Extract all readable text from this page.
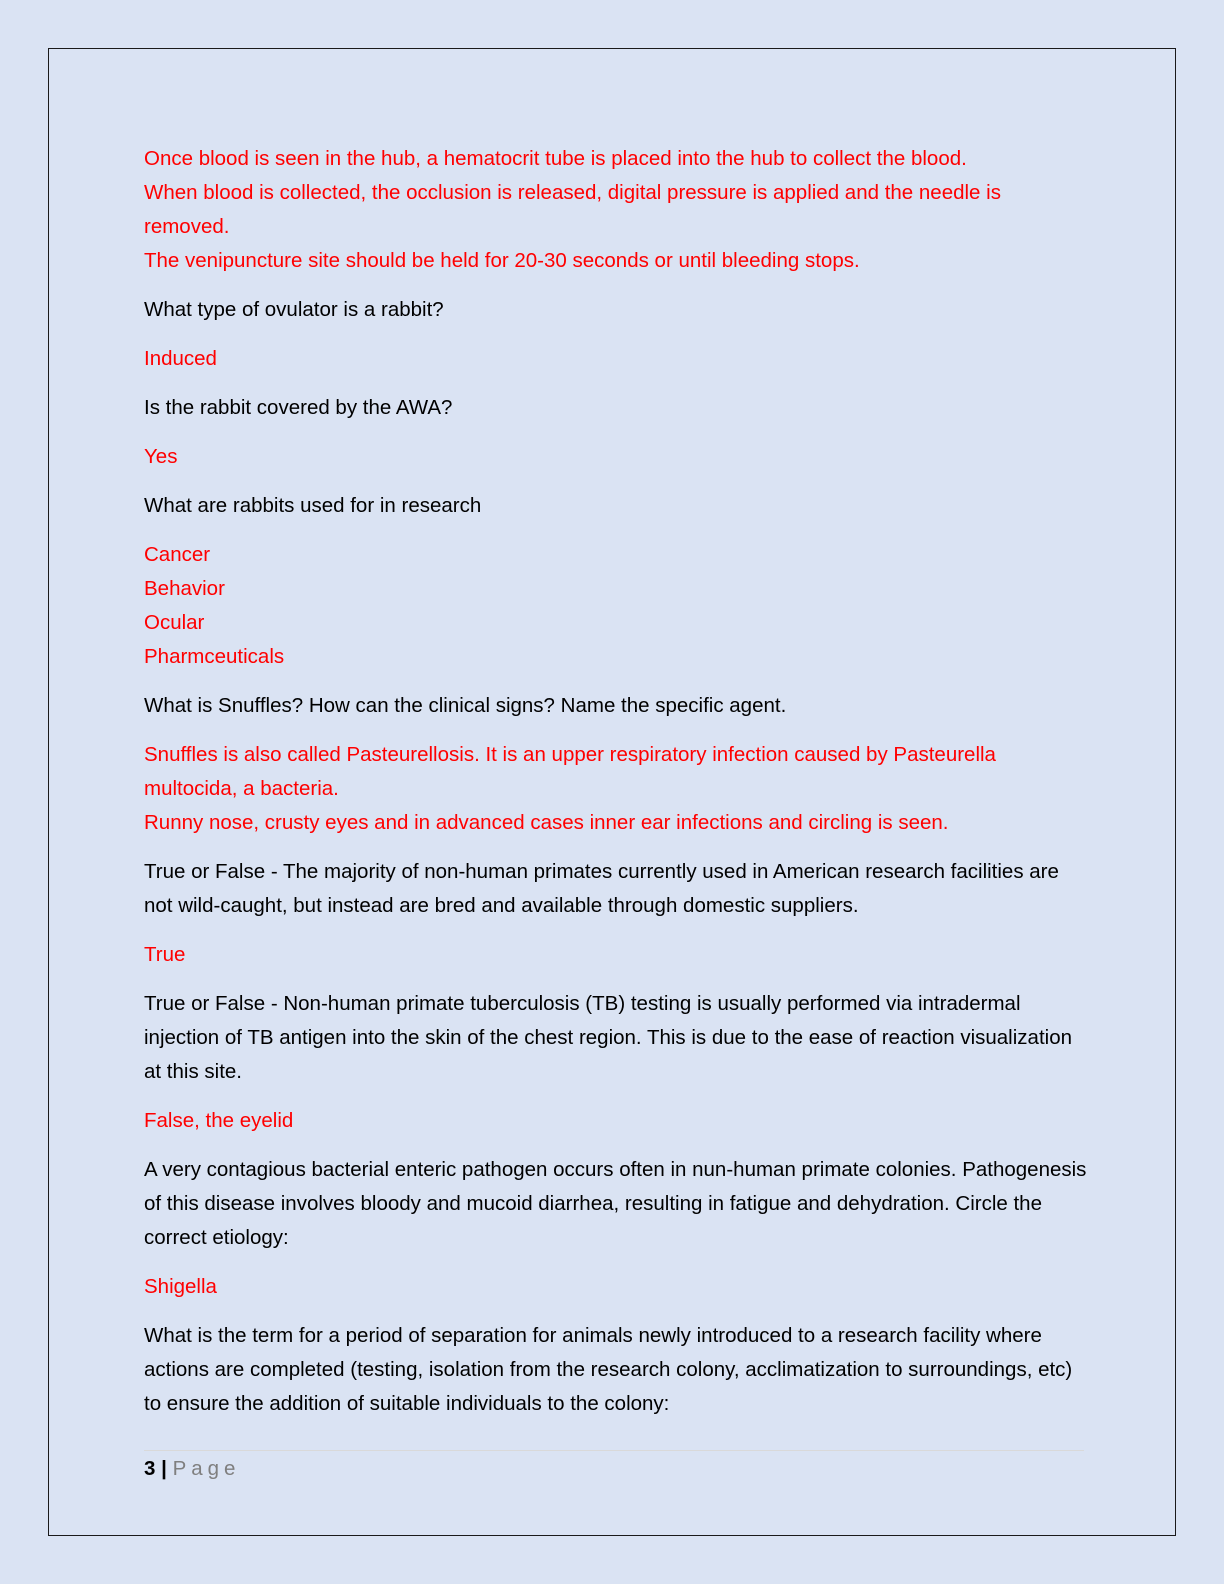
Once blood is seen in the hub, a hematocrit tube is placed into the hub to collect the blood.
When blood is collected, the occlusion is released, digital pressure is applied and the needle is removed.
The venipuncture site should be held for 20-30 seconds or until bleeding stops.

What type of ovulator is a rabbit?

Induced

Is the rabbit covered by the AWA?

Yes

What are rabbits used for in research

Cancer
Behavior
Ocular
Pharmceuticals

What is Snuffles? How can the clinical signs? Name the specific agent.

Snuffles is also called Pasteurellosis. It is an upper respiratory infection caused by Pasteurella multocida, a bacteria.
Runny nose, crusty eyes and in advanced cases inner ear infections and circling is seen.

True or False - The majority of non-human primates currently used in American research facilities are not wild-caught, but instead are bred and available through domestic suppliers.

True

True or False - Non-human primate tuberculosis (TB) testing is usually performed via intradermal injection of TB antigen into the skin of the chest region. This is due to the ease of reaction visualization at this site.

False, the eyelid

A very contagious bacterial enteric pathogen occurs often in nun-human primate colonies. Pathogenesis of this disease involves bloody and mucoid diarrhea, resulting in fatigue and dehydration. Circle the correct etiology:

Shigella

What is the term for a period of separation for animals newly introduced to a research facility where actions are completed (testing, isolation from the research colony, acclimatization to surroundings, etc) to ensure the addition of suitable individuals to the colony:

3 | Page
